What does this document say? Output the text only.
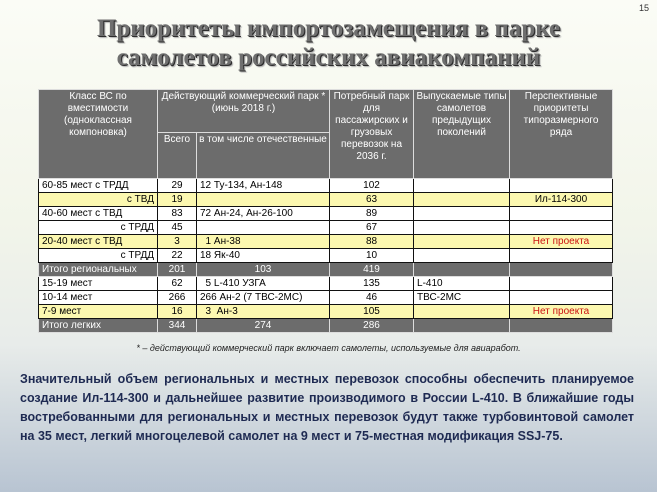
15
Приоритеты импортозамещения в парке
самолетов российских авиакомпаний
Класс ВС по вместимости (одноклассная компоновка)	Действующий коммерческий парк * (июнь 2018 г.)		Потребный парк для пассажирских и грузовых перевозок на 2036 г.	Выпускаемые типы самолетов предыдущих поколений	Перспективные приоритеты типоразмерного ряда
	Всего	в том числе отечественные			
60-85 мест с ТРДД	29	12 Ту-134, Ан-148	102		
с ТВД	19		63		Ил-114-300
40-60 мест с ТВД	83	72 Ан-24, Ан-26-100	89		
с ТРДД	45		67		
20-40 мест с ТВД	3	1 Ан-38	88		Нет проекта
с ТРДД	22	18 Як-40	10		
Итого региональных	201	103	419		
15-19 мест	62	5 L-410 УЗГА	135	L-410	
10-14 мест	266	266 Ан-2 (7 ТВС-2МС)	46	ТВС-2МС	
7-9 мест	16	3  Ан-3	105		Нет проекта
Итого легких	344	274	286		
* – действующий коммерческий парк включает самолеты, используемые для авиаработ.
Значительный объем региональных и местных перевозок способны обеспечить планируемое создание Ил-114-300 и дальнейшее развитие производимого в России L-410. В ближайшие годы востребованными для региональных и местных перевозок будут также турбовинтовой самолет на 35 мест, легкий многоцелевой самолет на 9 мест и 75-местная модификация SSJ-75.
